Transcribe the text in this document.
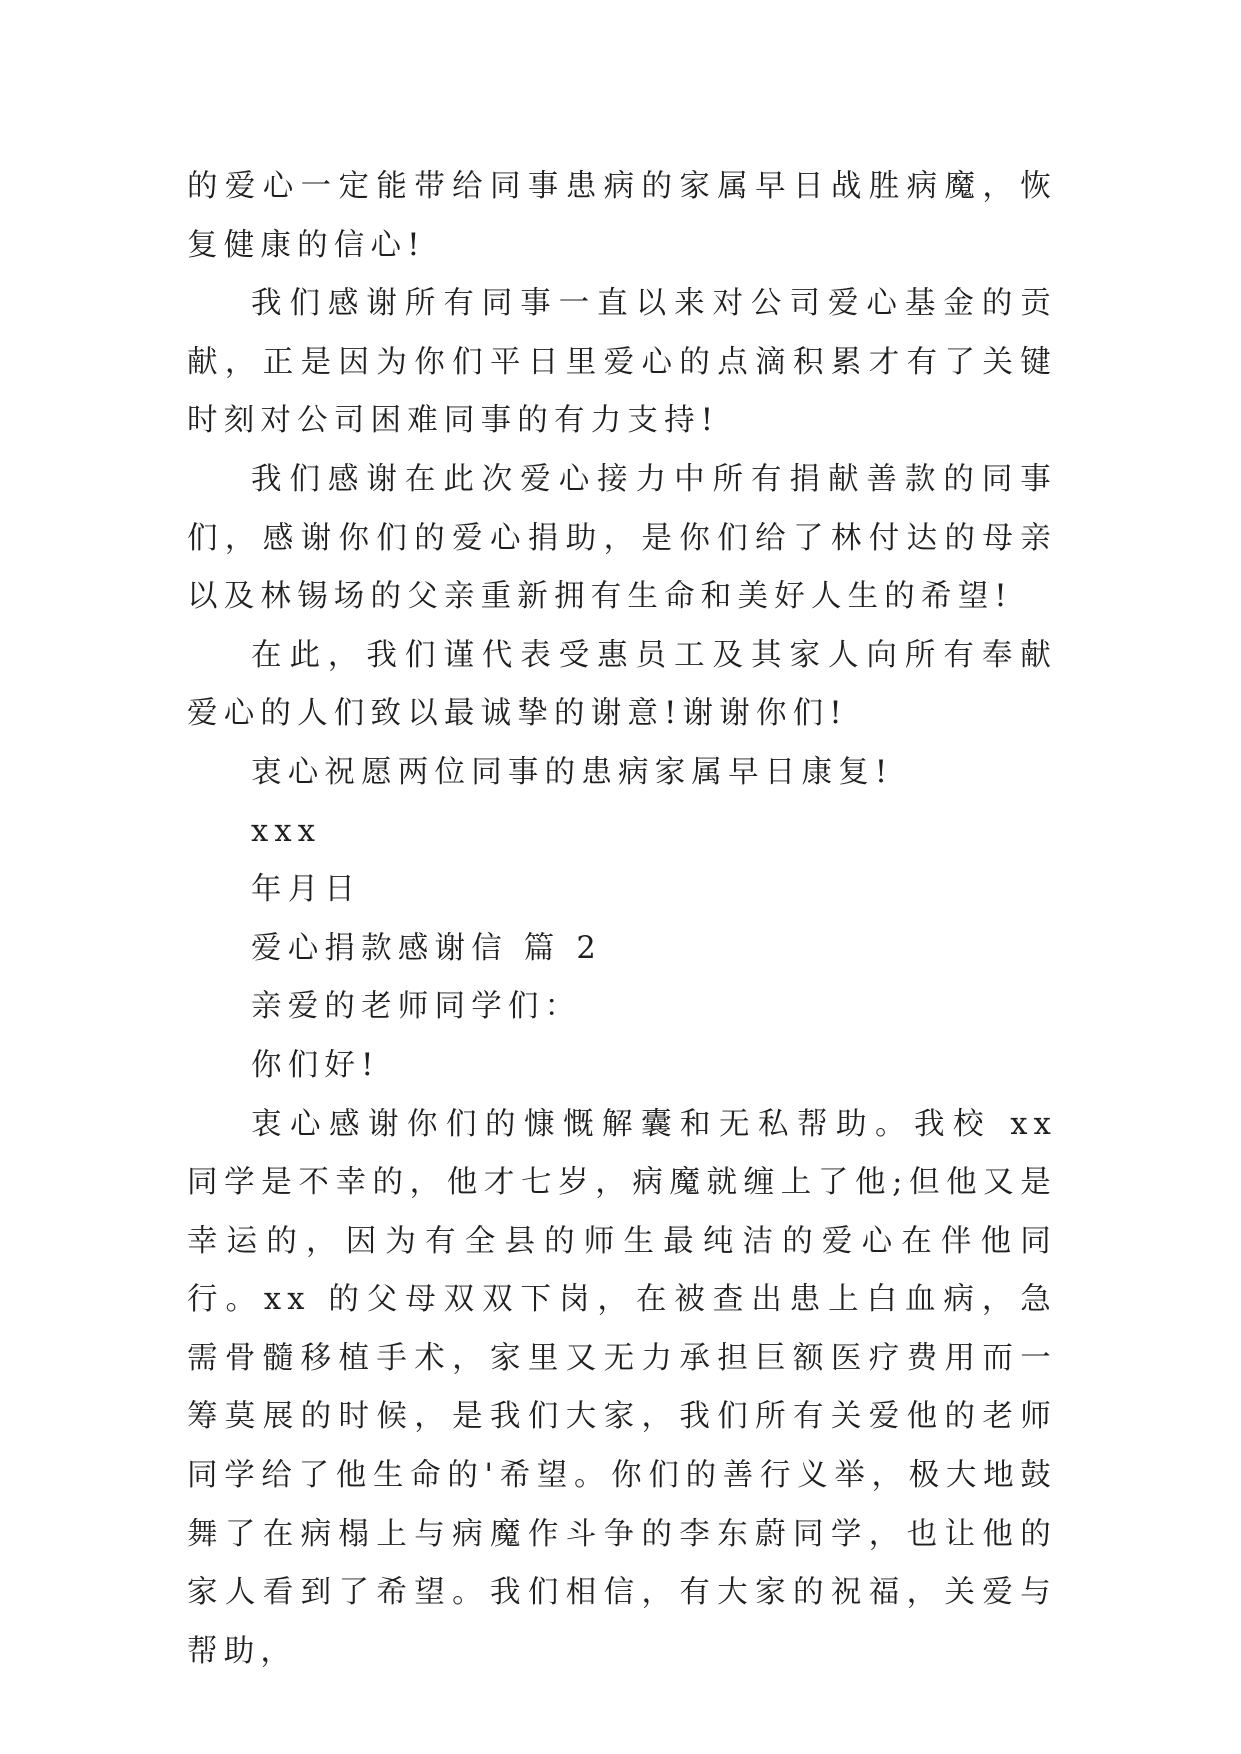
的爱心一定能带给同事患病的家属早日战胜病魔，恢复健康的信心!

我们感谢所有同事一直以来对公司爱心基金的贡献，正是因为你们平日里爱心的点滴积累才有了关键时刻对公司困难同事的有力支持!

我们感谢在此次爱心接力中所有捐献善款的同事们，感谢你们的爱心捐助，是你们给了林付达的母亲以及林锡场的父亲重新拥有生命和美好人生的希望!

在此，我们谨代表受惠员工及其家人向所有奉献爱心的人们致以最诚挚的谢意!谢谢你们!

衷心祝愿两位同事的患病家属早日康复!

xxx

年月日

爱心捐款感谢信 篇 2

亲爱的老师同学们：

你们好!

衷心感谢你们的慷慨解囊和无私帮助。我校 xx 同学是不幸的，他才七岁，病魔就缠上了他;但他又是幸运的，因为有全县的师生最纯洁的爱心在伴他同行。xx 的父母双双下岗，在被查出患上白血病，急需骨髓移植手术，家里又无力承担巨额医疗费用而一筹莫展的时候，是我们大家，我们所有关爱他的老师同学给了他生命的'希望。你们的善行义举，极大地鼓舞了在病榻上与病魔作斗争的李东蔚同学，也让他的家人看到了希望。我们相信，有大家的祝福，关爱与帮助，
